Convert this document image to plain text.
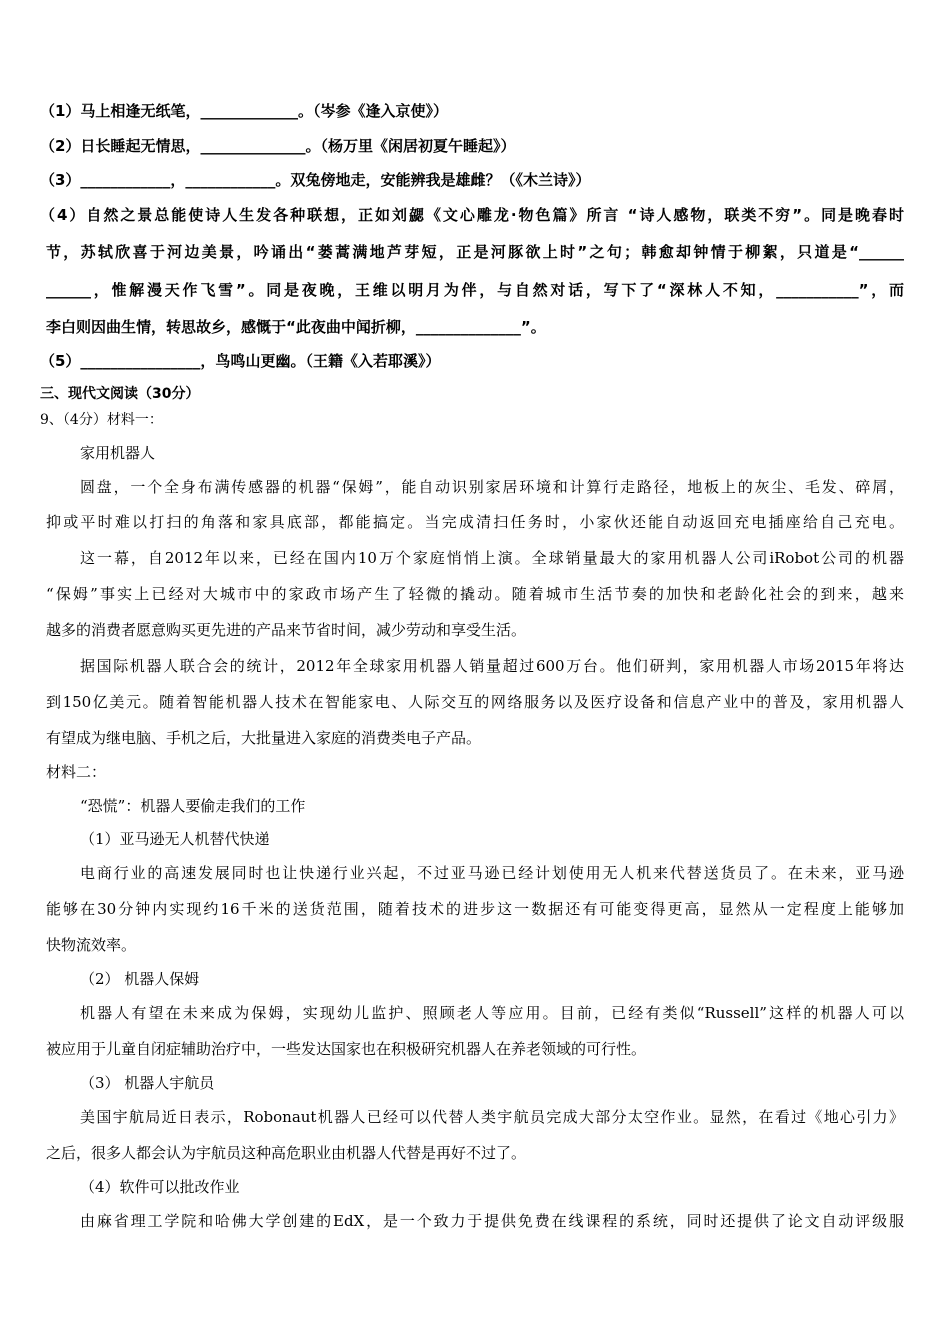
（1）马上相逢无纸笔，_____________。（岑参《逢入京使》）
（2）日长睡起无情思，______________。（杨万里《闲居初夏午睡起》）
（3）____________，____________。双兔傍地走，安能辨我是雄雌？（《木兰诗》）
（4）自然之景总能使诗人生发各种联想，正如刘勰《文心雕龙·物色篇》所言 “诗人感物，联类不穷”。同是晚春时
节，苏轼欣喜于河边美景，吟诵出“蒌蒿满地芦芽短，正是河豚欲上时”之句；韩愈却钟情于柳絮，只道是“______
______，惟解漫天作飞雪”。同是夜晚，王维以明月为伴，与自然对话，写下了“深林人不知，___________”，而
李白则因曲生情，转思故乡，感慨于“此夜曲中闻折柳，______________”。
（5）________________，鸟鸣山更幽。（王籍《入若耶溪》）
三、现代文阅读（30分）
9、（4分）材料一：
家用机器人
圆盘，一个全身布满传感器的机器“保姆”，能自动识别家居环境和计算行走路径，地板上的灰尘、毛发、碎屑，
抑或平时难以打扫的角落和家具底部，都能搞定。当完成清扫任务时，小家伙还能自动返回充电插座给自己充电。
这一幕，自2012年以来，已经在国内10万个家庭悄悄上演。全球销量最大的家用机器人公司iRobot公司的机器
“保姆”事实上已经对大城市中的家政市场产生了轻微的撬动。随着城市生活节奏的加快和老龄化社会的到来，越来
越多的消费者愿意购买更先进的产品来节省时间，减少劳动和享受生活。
据国际机器人联合会的统计，2012年全球家用机器人销量超过600万台。他们研判，家用机器人市场2015年将达
到150亿美元。随着智能机器人技术在智能家电、人际交互的网络服务以及医疗设备和信息产业中的普及，家用机器人
有望成为继电脑、手机之后，大批量进入家庭的消费类电子产品。
材料二：
“恐慌”：机器人要偷走我们的工作
（1）亚马逊无人机替代快递
电商行业的高速发展同时也让快递行业兴起，不过亚马逊已经计划使用无人机来代替送货员了。在未来，亚马逊
能够在30分钟内实现约16千米的送货范围，随着技术的进步这一数据还有可能变得更高，显然从一定程度上能够加
快物流效率。
（2） 机器人保姆
机器人有望在未来成为保姆，实现幼儿监护、照顾老人等应用。目前，已经有类似“Russell”这样的机器人可以
被应用于儿童自闭症辅助治疗中，一些发达国家也在积极研究机器人在养老领域的可行性。
（3） 机器人宇航员
美国宇航局近日表示，Robonaut机器人已经可以代替人类宇航员完成大部分太空作业。显然，在看过《地心引力》
之后，很多人都会认为宇航员这种高危职业由机器人代替是再好不过了。
（4）软件可以批改作业
由麻省理工学院和哈佛大学创建的EdX，是一个致力于提供免费在线课程的系统，同时还提供了论文自动评级服
